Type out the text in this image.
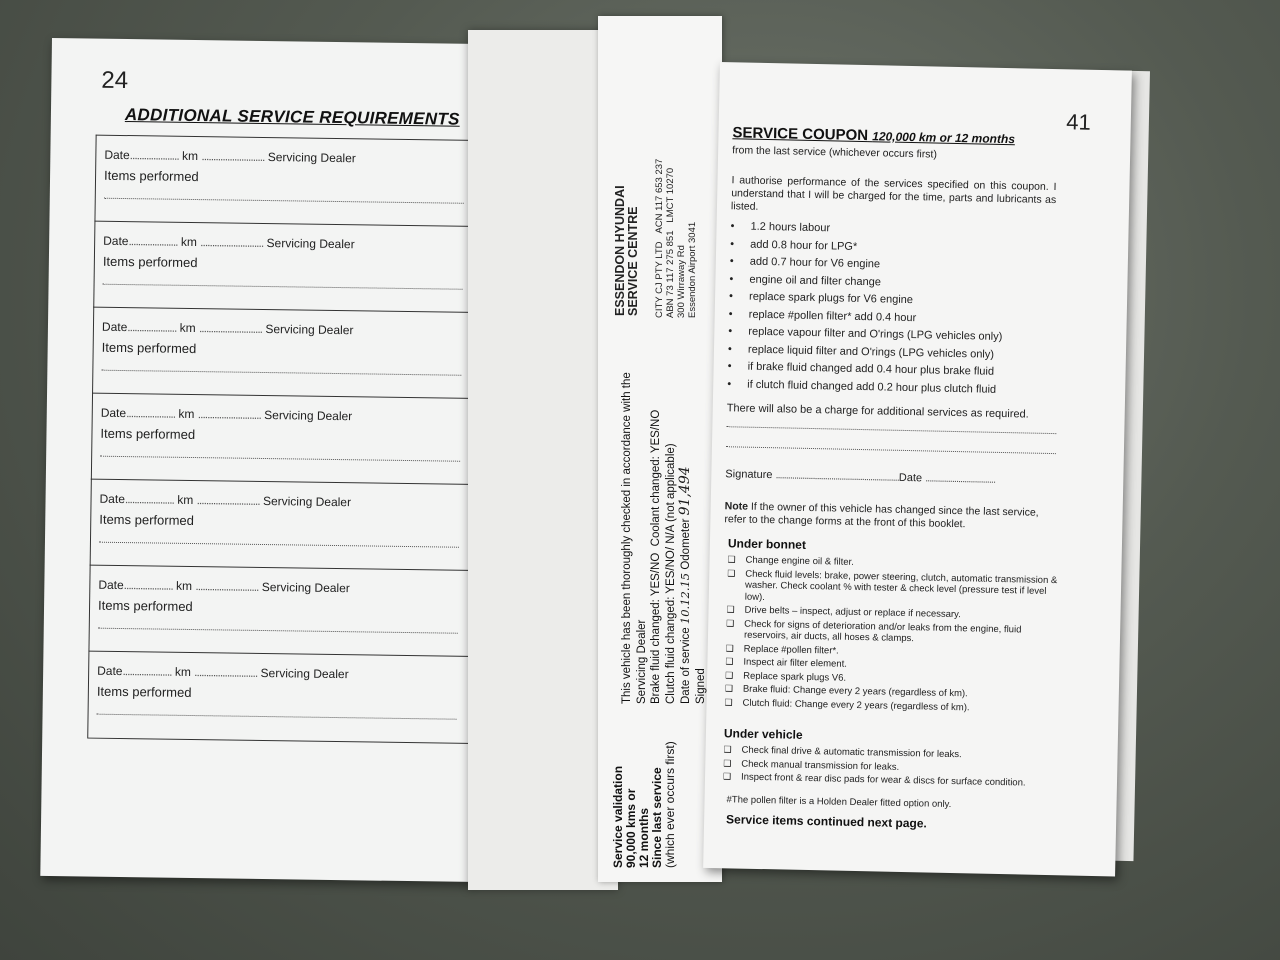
24
ADDITIONAL SERVICE REQUIREMENTS
Date..................... km ........................... Servicing Dealer
Items performed
Date..................... km ........................... Servicing Dealer
Items performed
Date..................... km ........................... Servicing Dealer
Items performed
Date..................... km ........................... Servicing Dealer
Items performed
Date..................... km ........................... Servicing Dealer
Items performed
Date..................... km ........................... Servicing Dealer
Items performed
Date..................... km ........................... Servicing Dealer
Items performed
Service validation 90,000 kms or 12 months Since last service (which ever occurs first)
This vehicle has been thoroughly checked in accordance with the Servicing Dealer Brake fluid changed: YES/NO  Coolant changed: YES/NO Clutch fluid changed: YES/NO/ N/A (not applicable) Date of service 10.12.15 Odometer 91,494
Signed
ESSENDON HYUNDAI SERVICE CENTRE CITY CJ PTY LTD   ACN 117 653 237
ABN 73 117 275 851   LMCT 10270
300 Wirraway Rd Essendon Airport 3041
41
SERVICE COUPON 120,000 km or 12 months
from the last service (whichever occurs first)
I authorise performance of the services specified on this coupon. I understand that I will be charged for the time, parts and lubricants as listed.
• 1.2 hours labour
• add 0.8 hour for LPG*
• add 0.7 hour for V6 engine
• engine oil and filter change
• replace spark plugs for V6 engine
• replace #pollen filter* add 0.4 hour
• replace vapour filter and O'rings (LPG vehicles only)
• replace liquid filter and O'rings (LPG vehicles only)
• if brake fluid changed add 0.4 hour plus brake fluid
• if clutch fluid changed add 0.2 hour plus clutch fluid
There will also be a charge for additional services as required.
Signature ............................................................Date ..................................
Note If the owner of this vehicle has changed since the last service, refer to the change forms at the front of this booklet.
Under bonnet
❑ Change engine oil & filter.
❑ Check fluid levels: brake, power steering, clutch, automatic transmission & washer. Check coolant % with tester & check level (pressure test if level low).
❑ Drive belts – inspect, adjust or replace if necessary.
❑ Check for signs of deterioration and/or leaks from the engine, fluid reservoirs, air ducts, all hoses & clamps.
❑ Replace #pollen filter*.
❑ Inspect air filter element.
❑ Replace spark plugs V6.
❑ Brake fluid: Change every 2 years (regardless of km).
❑ Clutch fluid: Change every 2 years (regardless of km).
Under vehicle
❑ Check final drive & automatic transmission for leaks.
❑ Check manual transmission for leaks.
❑ Inspect front & rear disc pads for wear & discs for surface condition.
#The pollen filter is a Holden Dealer fitted option only.
Service items continued next page.
